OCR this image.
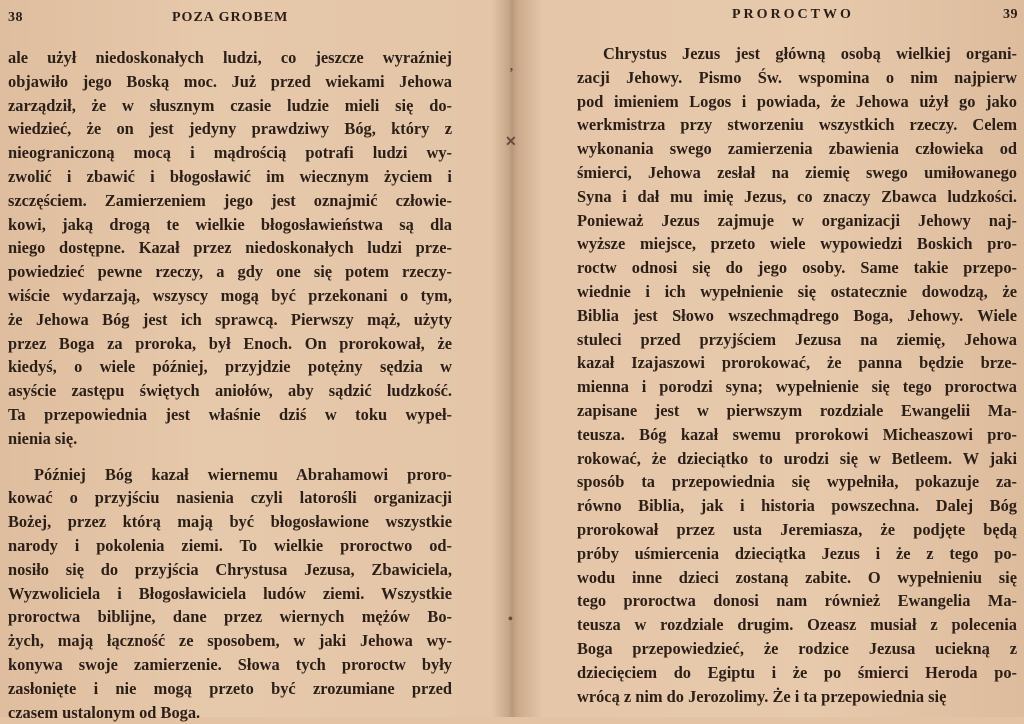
38	POZA GROBEM
ale użył niedoskonałych ludzi, co jeszcze wyraźniej
objawiło jego Boską moc. Już przed wiekami Jehowa
zarządził, że w słusznym czasie ludzie mieli się do-
wiedzieć, że on jest jedyny prawdziwy Bóg, który z
nieograniczoną mocą i mądrością potrafi ludzi wy-
zwolić i zbawić i błogosławić im wiecznym życiem i
szczęściem. Zamierzeniem jego jest oznajmić człowie-
kowi, jaką drogą te wielkie błogosławieństwa są dla
niego dostępne. Kazał przez niedoskonałych ludzi prze-
powiedzieć pewne rzeczy, a gdy one się potem rzeczy-
wiście wydarzają, wszyscy mogą być przekonani o tym,
że Jehowa Bóg jest ich sprawcą. Pierwszy mąż, użyty
przez Boga za proroka, był Enoch. On prorokował, że
kiedyś, o wiele później, przyjdzie potężny sędzia w
asyście zastępu świętych aniołów, aby sądzić ludzkość.
Ta przepowiednia jest właśnie dziś w toku wypeł-
nienia się.
Później Bóg kazał wiernemu Abrahamowi proro-
kować o przyjściu nasienia czyli latorośli organizacji
Bożej, przez którą mają być błogosławione wszystkie
narody i pokolenia ziemi. To wielkie proroctwo od-
nosiło się do przyjścia Chrystusa Jezusa, Zbawiciela,
Wyzwoliciela i Błogosławiciela ludów ziemi. Wszystkie
proroctwa biblijne, dane przez wiernych mężów Bo-
żych, mają łączność ze sposobem, w jaki Jehowa wy-
konywa swoje zamierzenie. Słowa tych proroctw były
zasłonięte i nie mogą przeto być zrozumiane przed
czasem ustalonym od Boga.
PROROCTWO	39
Chrystus Jezus jest główną osobą wielkiej organi-
zacji Jehowy. Pismo Św. wspomina o nim najpierw
pod imieniem Logos i powiada, że Jehowa użył go jako
werkmistrza przy stworzeniu wszystkich rzeczy. Celem
wykonania swego zamierzenia zbawienia człowieka od
śmierci, Jehowa zesłał na ziemię swego umiłowanego
Syna i dał mu imię Jezus, co znaczy Zbawca ludzkości.
Ponieważ Jezus zajmuje w organizacji Jehowy naj-
wyższe miejsce, przeto wiele wypowiedzi Boskich pro-
roctw odnosi się do jego osoby. Same takie przepo-
wiednie i ich wypełnienie się ostatecznie dowodzą, że
Biblia jest Słowo wszechmądrego Boga, Jehowy. Wiele
stuleci przed przyjściem Jezusa na ziemię, Jehowa
kazał Izajaszowi prorokować, że panna będzie brze-
mienna i porodzi syna; wypełnienie się tego proroctwa
zapisane jest w pierwszym rozdziale Ewangelii Ma-
teusza. Bóg kazał swemu prorokowi Micheaszowi pro-
rokować, że dzieciątko to urodzi się w Betleem. W jaki
sposób ta przepowiednia się wypełniła, pokazuje za-
równo Biblia, jak i historia powszechna. Dalej Bóg
prorokował przez usta Jeremiasza, że podjęte będą
próby uśmiercenia dzieciątka Jezus i że z tego po-
wodu inne dzieci zostaną zabite. O wypełnieniu się
tego proroctwa donosi nam również Ewangelia Ma-
teusza w rozdziale drugim. Ozeasz musiał z polecenia
Boga przepowiedzieć, że rodzice Jezusa uciekną z
dziecięciem do Egiptu i że po śmierci Heroda po-
wrócą z nim do Jerozolimy. Że i ta przepowiednia się
’
✕
•
